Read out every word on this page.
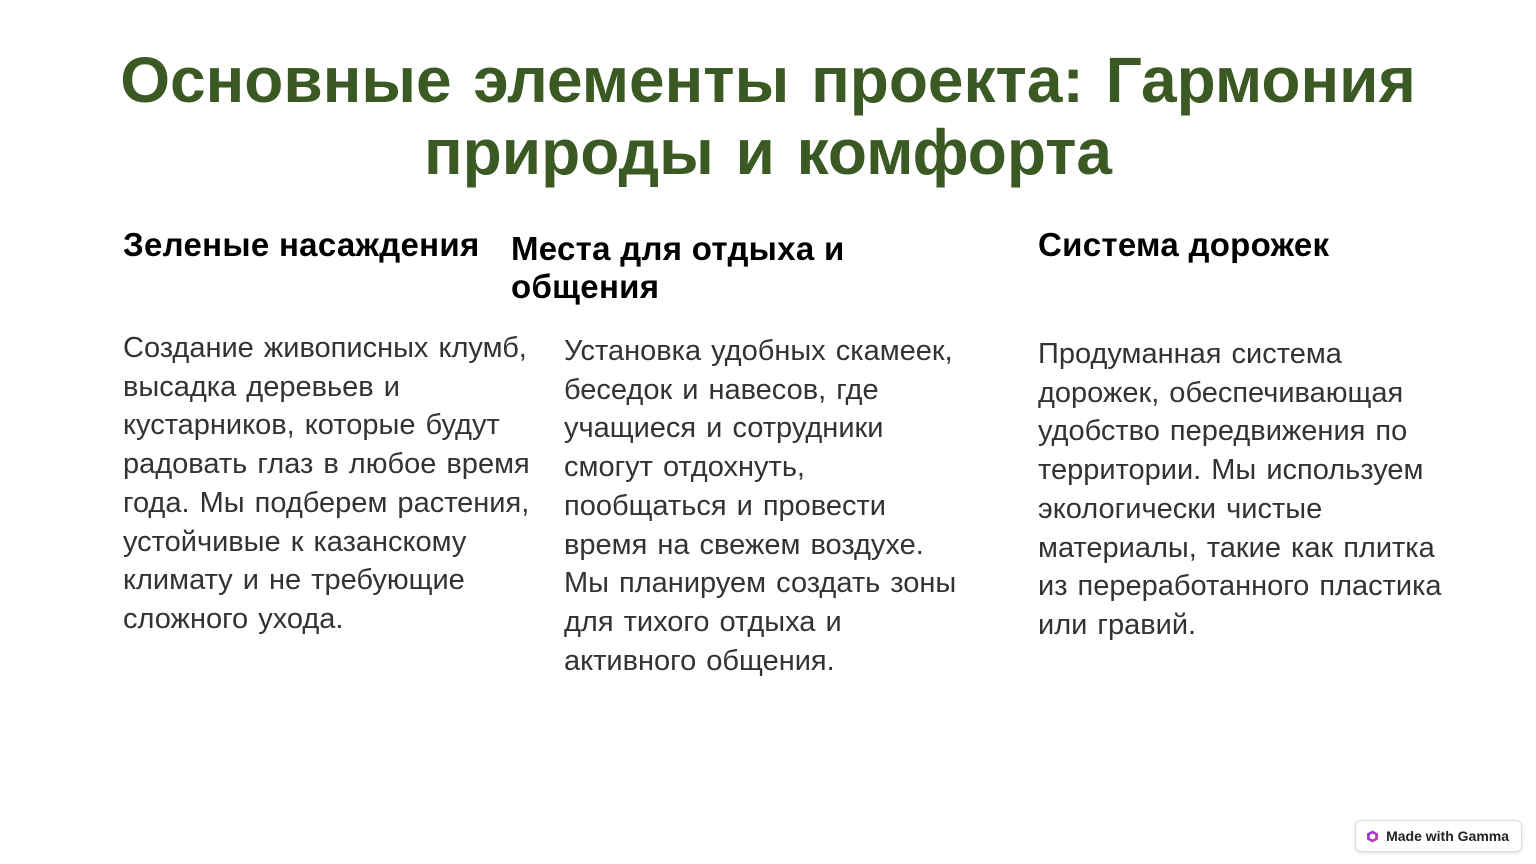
Основные элементы проекта: Гармония природы и комфорта
Зеленые насаждения

Создание живописных клумб, высадка деревьев и кустарников, которые будут радовать глаз в любое время года. Мы подберем растения, устойчивые к казанскому климату и не требующие сложного ухода.

Места для отдыха и общения

Установка удобных скамеек, беседок и навесов, где учащиеся и сотрудники смогут отдохнуть, пообщаться и провести время на свежем воздухе. Мы планируем создать зоны для тихого отдыха и активного общения.

Система дорожек

Продуманная система дорожек, обеспечивающая удобство передвижения по территории. Мы используем экологически чистые материалы, такие как плитка из переработанного пластика или гравий.

Made with Gamma
